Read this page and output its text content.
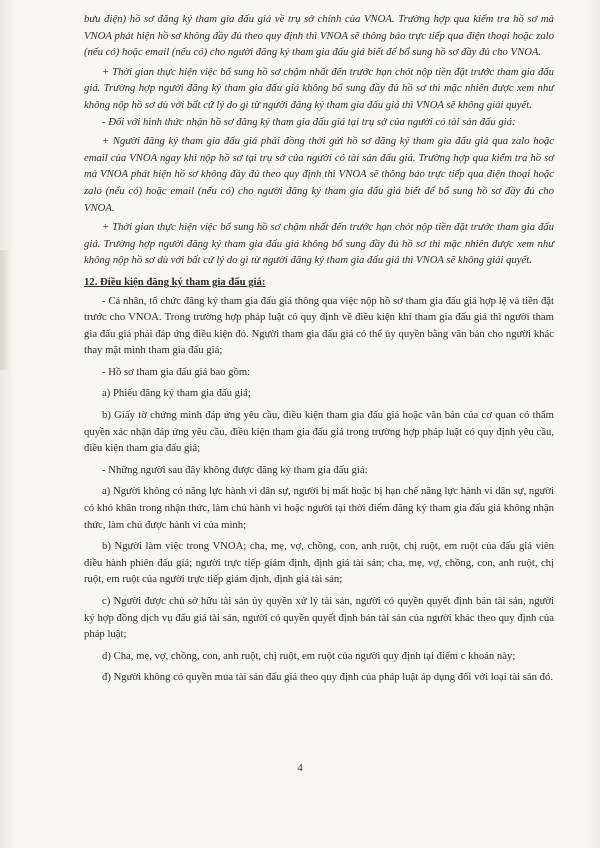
bưu điện) hồ sơ đăng ký tham gia đấu giá về trụ sở chính của VNOA. Trường hợp qua kiểm tra hồ sơ mà VNOA phát hiện hồ sơ không đầy đủ theo quy định thì VNOA sẽ thông báo trực tiếp qua điện thoại hoặc zalo (nếu có) hoặc email (nếu có) cho người đăng ký tham gia đấu giá biết để bổ sung hồ sơ đầy đủ cho VNOA.

+ Thời gian thực hiện việc bổ sung hồ sơ chậm nhất đến trước hạn chót nộp tiền đặt trước tham gia đấu giá. Trường hợp người đăng ký tham gia đấu giá không bổ sung đầy đủ hồ sơ thì mặc nhiên được xem như không nộp hồ sơ dù với bất cứ lý do gì từ người đăng ký tham gia đấu giá thì VNOA sẽ không giải quyết.

- Đối với hình thức nhận hồ sơ đăng ký tham gia đấu giá tại trụ sở của người có tài sản đấu giá:

+ Người đăng ký tham gia đấu giá phải đồng thời gửi hồ sơ đăng ký tham gia đấu giá qua zalo hoặc email của VNOA ngay khi nộp hồ sơ tại trụ sở của người có tài sản đấu giá. Trường hợp qua kiểm tra hồ sơ mà VNOA phát hiện hồ sơ không đầy đủ theo quy định thì VNOA sẽ thông báo trực tiếp qua điện thoại hoặc zalo (nếu có) hoặc email (nếu có) cho người đăng ký tham gia đấu giá biết để bổ sung hồ sơ đầy đủ cho VNOA.

+ Thời gian thực hiện việc bổ sung hồ sơ chậm nhất đến trước hạn chót nộp tiền đặt trước tham gia đấu giá. Trường hợp người đăng ký tham gia đấu giá không bổ sung đầy đủ hồ sơ thì mặc nhiên được xem như không nộp hồ sơ dù với bất cứ lý do gì từ người đăng ký tham gia đấu giá thì VNOA sẽ không giải quyết.

12. Điều kiện đăng ký tham gia đấu giá:

- Cá nhân, tổ chức đăng ký tham gia đấu giá thông qua việc nộp hồ sơ tham gia đấu giá hợp lệ và tiền đặt trước cho VNOA. Trong trường hợp pháp luật có quy định về điều kiện khi tham gia đấu giá thì người tham gia đấu giá phải đáp ứng điều kiện đó. Người tham gia đấu giá có thể ủy quyền bằng văn bản cho người khác thay mặt mình tham gia đấu giá;

- Hồ sơ tham gia đấu giá bao gồm:

a) Phiếu đăng ký tham gia đấu giá;

b) Giấy tờ chứng minh đáp ứng yêu cầu, điều kiện tham gia đấu giá hoặc văn bản của cơ quan có thẩm quyền xác nhận đáp ứng yêu cầu, điều kiện tham gia đấu giá trong trường hợp pháp luật có quy định yêu cầu, điều kiện tham gia đấu giá;

- Những người sau đây không được đăng ký tham gia đấu giá:

a) Người không có năng lực hành vi dân sự, người bị mất hoặc bị hạn chế năng lực hành vi dân sự, người có khó khăn trong nhận thức, làm chủ hành vi hoặc người tại thời điểm đăng ký tham gia đấu giá không nhận thức, làm chủ được hành vi của mình;

b) Người làm việc trong VNOA; cha, mẹ, vợ, chồng, con, anh ruột, chị ruột, em ruột của đấu giá viên điều hành phiên đấu giá; người trực tiếp giám định, định giá tài sản; cha, mẹ, vợ, chồng, con, anh ruột, chị ruột, em ruột của người trực tiếp giám định, định giá tài sản;

c) Người được chủ sở hữu tài sản ủy quyền xử lý tài sản, người có quyền quyết định bán tài sản, người ký hợp đồng dịch vụ đấu giá tài sản, người có quyền quyết định bán tài sản của người khác theo quy định của pháp luật;

d) Cha, mẹ, vợ, chồng, con, anh ruột, chị ruột, em ruột của người quy định tại điểm c khoản này;

đ) Người không có quyền mua tài sản đấu giá theo quy định của pháp luật áp dụng đối với loại tài sản đó.

4
